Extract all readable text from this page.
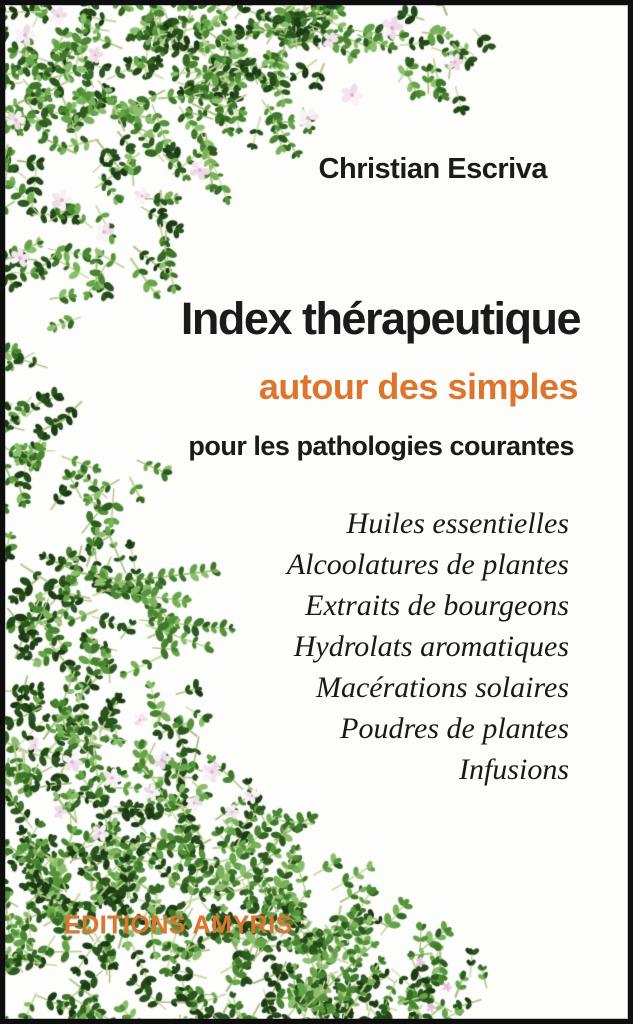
Christian Escriva
Index thérapeutique
autour des simples
pour les pathologies courantes
Huiles essentielles
Alcoolatures de plantes
Extraits de bourgeons
Hydrolats aromatiques
Macérations solaires
Poudres de plantes
Infusions
EDITIONS AMYRIS
